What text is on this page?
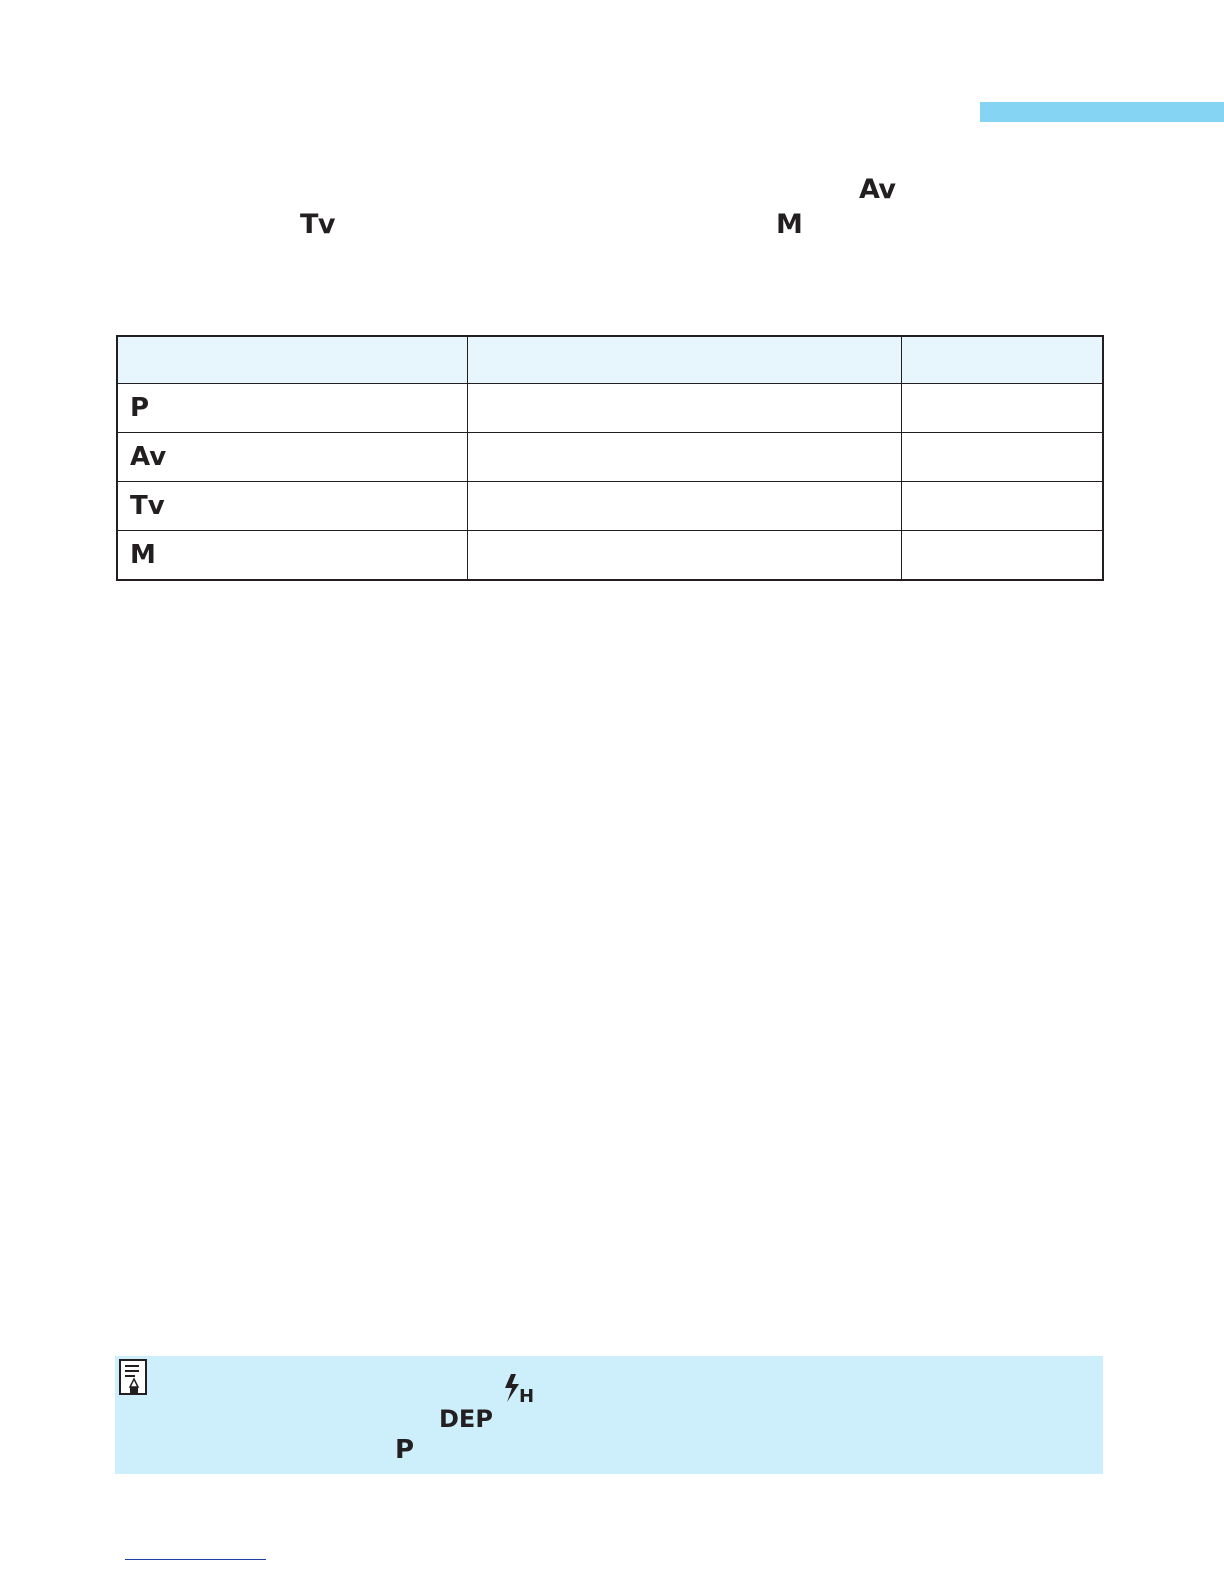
Av
Tv	M

P		
Av		
Tv		
M		
H
DEP
P
